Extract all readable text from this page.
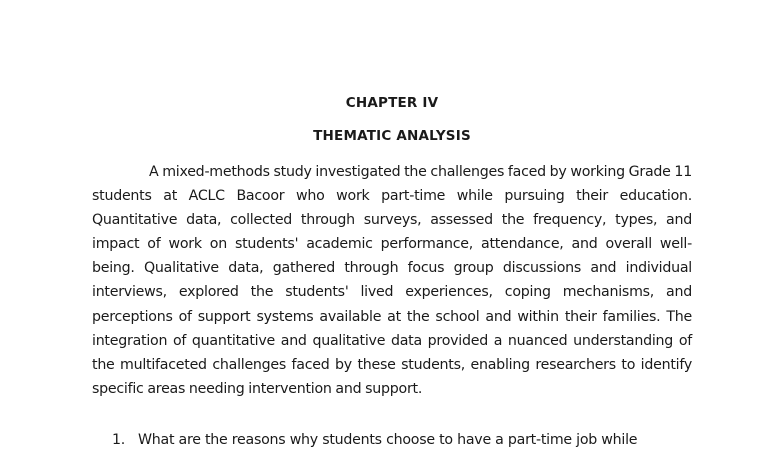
CHAPTER IV
THEMATIC ANALYSIS

A mixed-methods study investigated the challenges faced by working Grade 11 students at ACLC Bacoor who work part-time while pursuing their education. Quantitative data, collected through surveys, assessed the frequency, types, and impact of work on students' academic performance, attendance, and overall well-being. Qualitative data, gathered through focus group discussions and individual interviews, explored the students' lived experiences, coping mechanisms, and perceptions of support systems available at the school and within their families. The integration of quantitative and qualitative data provided a nuanced understanding of the multifaceted challenges faced by these students, enabling researchers to identify specific areas needing intervention and support.

1. What are the reasons why students choose to have a part-time job while
